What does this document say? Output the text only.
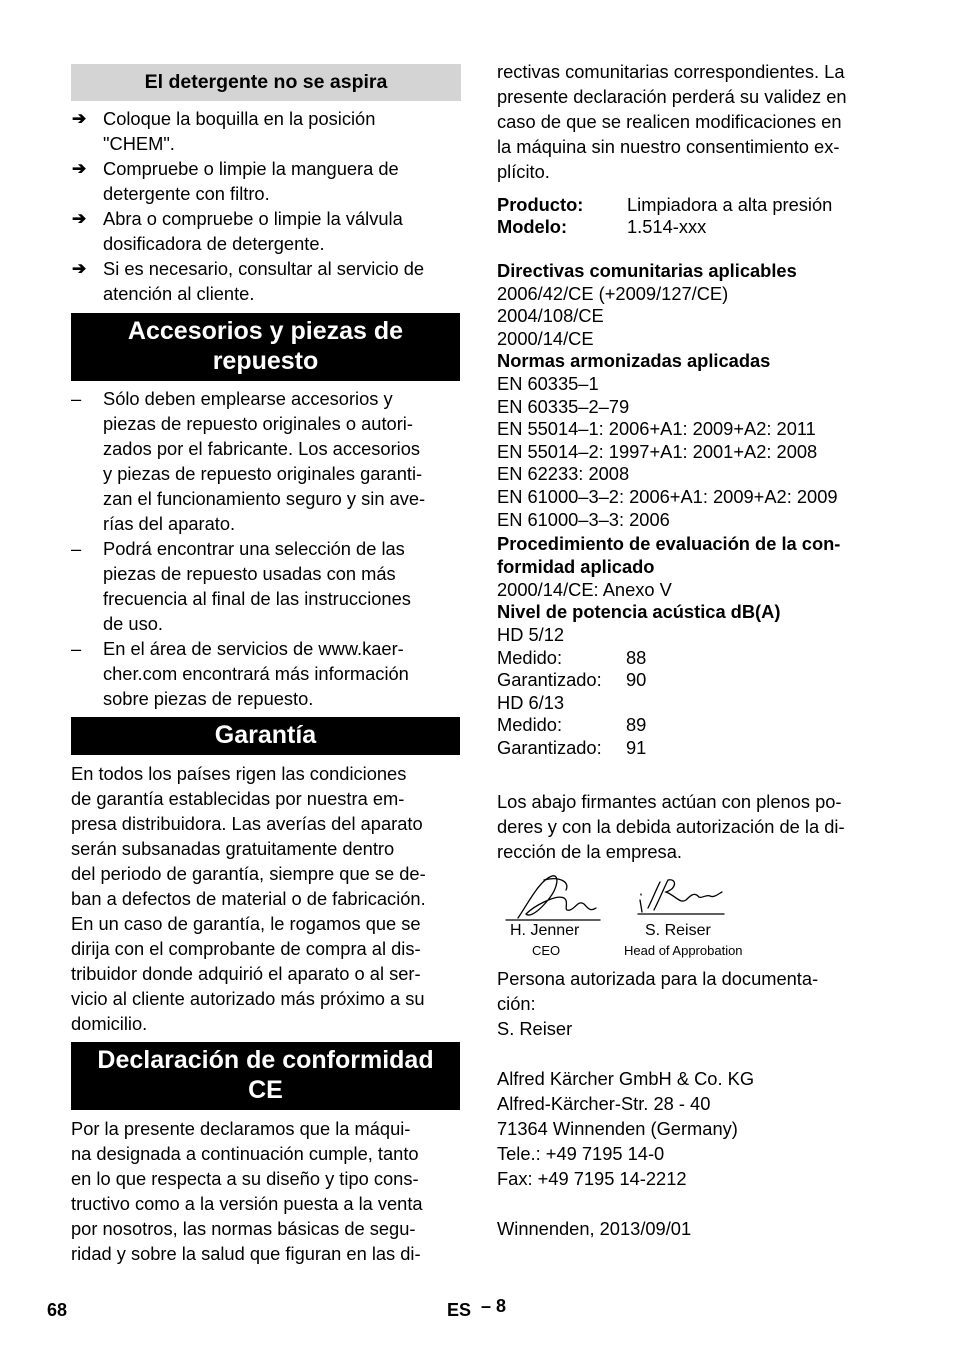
El detergente no se aspira
➔ Coloque la boquilla en la posición
"CHEM".
➔ Compruebe o limpie la manguera de
detergente con filtro.
➔ Abra o compruebe o limpie la válvula
dosificadora de detergente.
➔ Si es necesario, consultar al servicio de
atención al cliente.
Accesorios y piezas de
repuesto
– Sólo deben emplearse accesorios y
piezas de repuesto originales o autori-
zados por el fabricante. Los accesorios
y piezas de repuesto originales garanti-
zan el funcionamiento seguro y sin ave-
rías del aparato.
– Podrá encontrar una selección de las
piezas de repuesto usadas con más
frecuencia al final de las instrucciones
de uso.
– En el área de servicios de www.kaer-
cher.com encontrará más información
sobre piezas de repuesto.
Garantía
En todos los países rigen las condiciones
de garantía establecidas por nuestra em-
presa distribuidora. Las averías del aparato
serán subsanadas gratuitamente dentro
del periodo de garantía, siempre que se de-
ban a defectos de material o de fabricación.
En un caso de garantía, le rogamos que se
dirija con el comprobante de compra al dis-
tribuidor donde adquirió el aparato o al ser-
vicio al cliente autorizado más próximo a su
domicilio.
Declaración de conformidad
CE
Por la presente declaramos que la máqui-
na designada a continuación cumple, tanto
en lo que respecta a su diseño y tipo cons-
tructivo como a la versión puesta a la venta
por nosotros, las normas básicas de segu-
ridad y sobre la salud que figuran en las di-
rectivas comunitarias correspondientes. La
presente declaración perderá su validez en
caso de que se realicen modificaciones en
la máquina sin nuestro consentimiento ex-
plícito.
Producto: Limpiadora a alta presión
Modelo:	1.514-xxx
Directivas comunitarias aplicables
2006/42/CE (+2009/127/CE)
2004/108/CE
2000/14/CE
Normas armonizadas aplicadas
EN 60335–1
EN 60335–2–79
EN 55014–1: 2006+A1: 2009+A2: 2011
EN 55014–2: 1997+A1: 2001+A2: 2008
EN 62233: 2008
EN 61000–3–2: 2006+A1: 2009+A2: 2009
EN 61000–3–3: 2006
Procedimiento de evaluación de la con-
formidad aplicado
2000/14/CE: Anexo V
Nivel de potencia acústica dB(A)
HD 5/12
Medido:	88
Garantizado: 90
HD 6/13
Medido:	89
Garantizado: 91
Los abajo firmantes actúan con plenos po-
deres y con la debida autorización de la di-
rección de la empresa.
H. Jenner
CEO
S. Reiser
Head of Approbation
Persona autorizada para la documenta-
ción:
S. Reiser
Alfred Kärcher GmbH & Co. KG
Alfred-Kärcher-Str. 28 - 40
71364 Winnenden (Germany)
Tele.: +49 7195 14-0
Fax: +49 7195 14-2212
Winnenden, 2013/09/01
68	ES – 8
